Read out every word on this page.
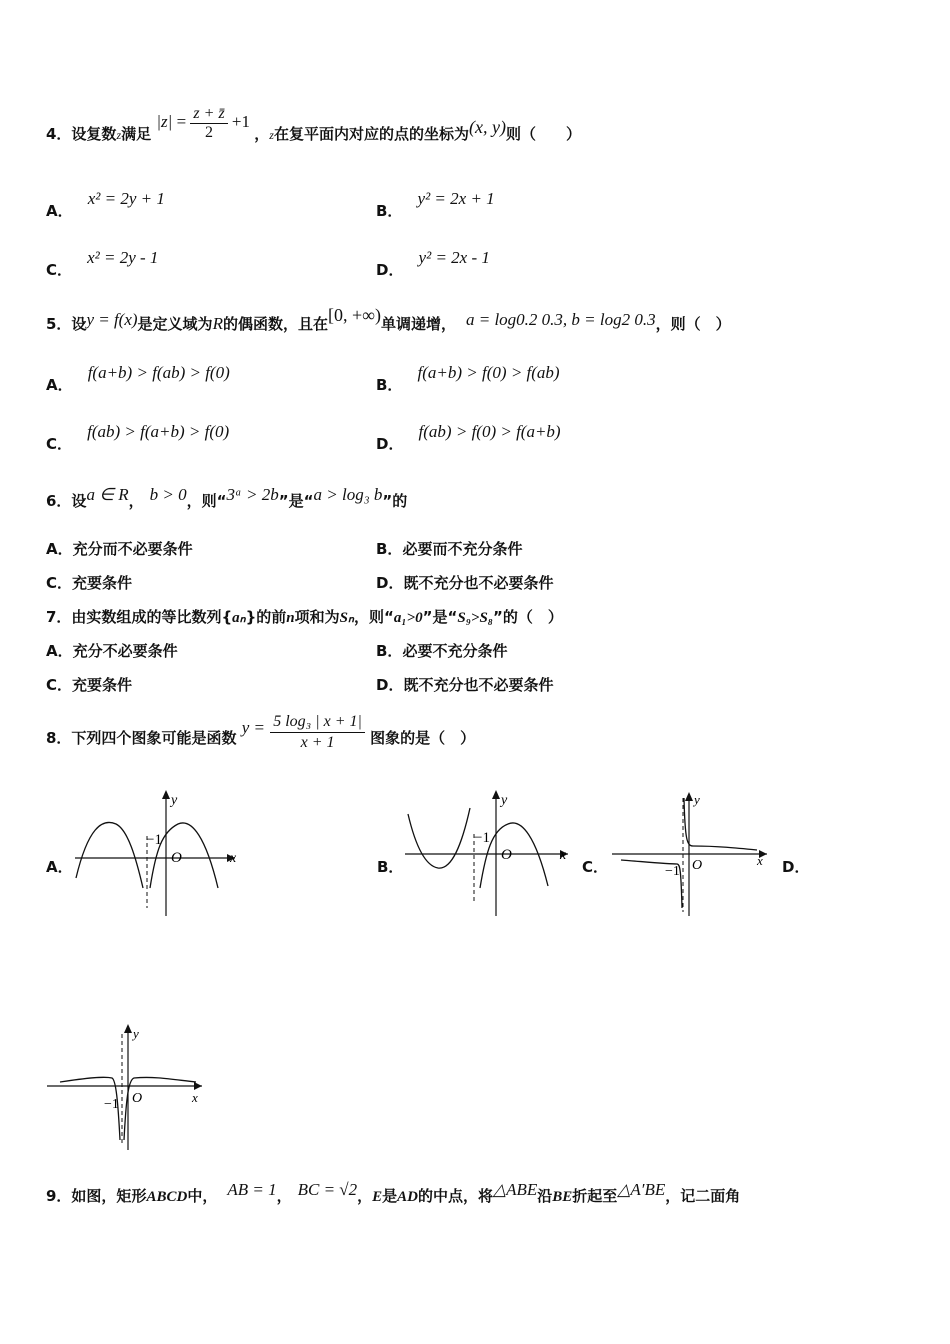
4．设复数z满足 $|z| = \frac{z + z̄}{2} +1$ ，z在复平面内对应的点的坐标为(x, y)则（　　）
A． x² = 2y + 1
B． y² = 2x + 1
C． x² = 2y - 1
D． y² = 2x - 1
5．设y = f(x)是定义域为R的偶函数，且在[0, +∞)单调递增， a = log0.2 0.3, b = log2 0.3，则（　）
A． f(a+b) > f(ab) > f(0)
B． f(a+b) > f(0) > f(ab)
C． f(ab) > f(a+b) > f(0)
D． f(ab) > f(0) > f(a+b)
6．设a ∈ R， b > 0，则“3ᵃ > 2b”是“a > log₃ b”的
A．充分而不必要条件	B．必要而不充分条件
C．充要条件	D．既不充分也不必要条件
7．由实数组成的等比数列{aₙ}的前n项和为Sₙ，则“a₁>0”是“S₉>S₈”的（　）
A．充分不必要条件	B．必要不充分条件
C．充要条件	D．既不充分也不必要条件
8．下列四个图象可能是函数 $y = \frac{\text{5 log₃ | x + 1|}}{x + 1}$ 图象的是（　）
A．	B．	C．	D．
x
y
O
−1
x
y
O
−1
x
y
O
−1
x
y
O
−1
9．如图，矩形ABCD中， AB = 1， BC = √2，E是AD的中点，将△ABE沿BE折起至△A′BE，记二面角
